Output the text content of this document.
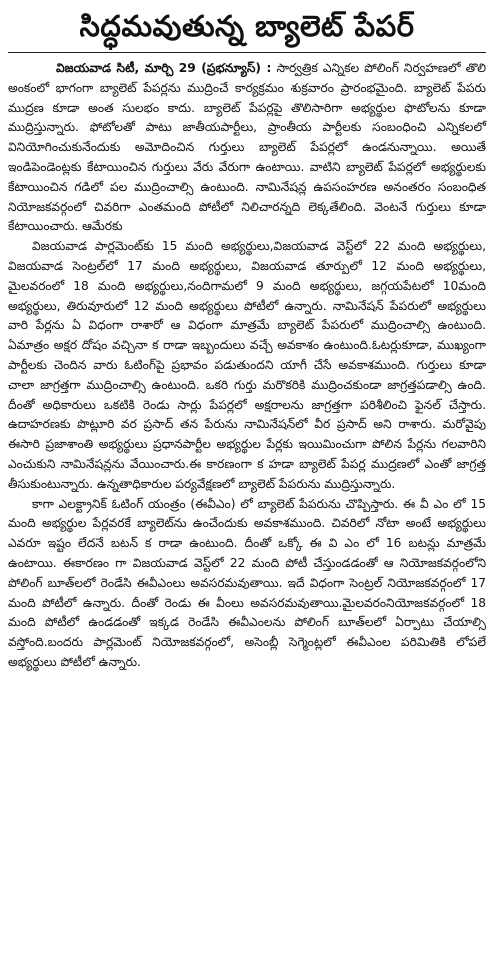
సిద్ధమవుతున్న బ్యాలెట్ పేపర్

విజయవాడ సిటీ, మార్చి 29 (ప్రభన్యూస్) : సార్వత్రిక ఎన్నికల పోలింగ్ నిర్వహణలో తొలి అంకంలో భాగంగా బ్యాలెట్ పేపర్లను ముద్రించే కార్యక్రమం శుక్రవారం ప్రారంభమైంది. బ్యాలెట్ పేపరు ముద్రణ కూడా అంత సులభం కాదు. బ్యాలెట్ పేపర్లపై తొలిసారిగా అభ్యర్థుల ఫొటోలను కూడా ముద్రిస్తున్నారు. ఫోటోలతో పాటు జాతీయపార్టీలు, ప్రాంతీయ పార్టీలకు సంబంధించి ఎన్నికలలో వినియోగించుకునేందుకు అమోదించిన గుర్తులు బ్యాలెట్ పేపర్లలో ఉండనున్నాయి. అయితే ఇండిపెండెంట్లకు కేటాయించిన గుర్తులు వేరు వేరుగా ఉంటాయి. వాటిని బ్యాలెట్ పేపర్లలో అభ్యర్థులకు కేటాయించిన గడిలో పల ముద్రించాల్సి ఉంటుంది. నామినేషన్ల ఉపసంహరణ అనంతరం సంబంధిత నియోజకవర్గంలో చివరిగా ఎంతమంది పోటీలో నిలిచారన్నది లెక్కతేలింది. వెంటనే గుర్తులు కూడా కేటాయించారు. ఆమేరకు

విజయవాడ పార్లమెంట్‌కు 15 మంది అభ్యర్థులు,విజయవాడ వెస్ట్‌లో 22 మంది అభ్యర్థులు, విజయవాడ సెంట్రల్‌లో 17 మంది అభ్యర్థులు, విజయవాడ తూర్పులో 12 మంది అభ్యర్థులు, మైలవరంలో 18 మంది అభ్యర్థులు,నందిగామలో 9 మంది అభ్యర్థులు, జగ్గయపేటలో 10మంది అభ్యర్థులు, తిరువూరులో 12 మంది అభ్యర్థులు పోటీలో ఉన్నారు. నామినేషన్ పేపరులో అభ్యర్థులు వారి పేర్లను ఏ విధంగా రాశారో ఆ విధంగా మాత్రమే బ్యాలెట్ పేపరులో ముద్రించాల్సి ఉంటుంది. ఏమాత్రం అక్షర దోషం వచ్చినా క రాడా ఇబ్బందులు వచ్చే అవకాశం ఉంటుంది.ఓటర్లుకూడా, ముఖ్యంగా పార్టీలకు చెందిన వారు ఓటింగ్‌పై ప్రభావం పడుతుందని యాగీ చేసే అవకాశముంది. గుర్తులు కూడా చాలా జాగ్రత్తగా ముద్రించాల్సి ఉంటుంది. ఒకరి గుర్తు మరొకరికి ముద్రించకుండా జాగ్రత్తపడాల్సి ఉంది. దీంతో అధికారులు ఒకటికి రెండు సార్లు పేపర్లలో అక్షరాలను జాగ్రత్తగా పరిశీలించి ఫైనల్ చేస్తారు. ఉదాహరణకు పొట్లూరి వర ప్రసాద్ తన పేరును నామినేషన్‌లో వీర ప్రసాద్ అని రాశారు. మరోవైపు ఈసారి ప్రజాశాంతి అభ్యర్థులు ప్రధానపార్టీల అభ్యర్థుల పేర్లకు ఇయిమించుగా పోలిన పేర్లను గలవారిని ఎంచుకుని నామినేషన్లను వేయించారు.ఈ కారణంగా క హడా బ్యాలెట్ పేపర్ల ముద్రణలో ఎంతో జాగ్రత్త తీసుకుంటున్నారు. ఉన్నతాధికారుల పర్యవేక్షణలో బ్యాలెట్ పేపరును ముద్రిస్తున్నారు.

కాగా ఎలక్ట్రానిక్ ఓటింగ్ యంత్రం (ఈవీఎం) లో బ్యాలెట్ పేపరును చొప్పిస్తారు. ఈ వీ ఎం లో 15 మంది అభ్యర్థుల పేర్లవరకే బ్యాలెట్‌ను ఉంచేందుకు అవకాశముంది. చివరిలో నోటా అంటే అభ్యర్థులు ఎవరూ ఇష్టం లేదనే బటన్ క రాడా ఉంటుంది. దీంతో ఒక్కో ఈ వి ఎం లో 16 బటన్లు మాత్రమే ఉంటాయి. ఈకారణం గా విజయవాడ వెస్ట్‌లో 22 మంది పోటీ చేస్తుండడంతో ఆ నియోజకవర్గంలోని పోలింగ్ బూత్‌లలో రెండేసి ఈవీఎంలు అవసరమవుతాయి. ఇదే విధంగా సెంట్రల్ నియోజకవర్గంలో 17 మంది పోటీలో ఉన్నారు. దీంతో రెండు ఈ వీంలు అవసరమవుతాయి.మైలవరంనియోజకవర్గంలో 18 మంది పోటీలో ఉండడంతో ఇక్కడ రెండేసి ఈవీఎంలను పోలింగ్ బూత్‌లలో ఏర్పాటు చేయాల్సి వస్తోంది.బందరు పార్లమెంట్ నియోజకవర్గంలో, అసెంబ్లీ సెగ్మెంట్లలో ఈవీఎంల పరిమితికి లోపలే అభ్యర్థులు పోటీలో ఉన్నారు.
